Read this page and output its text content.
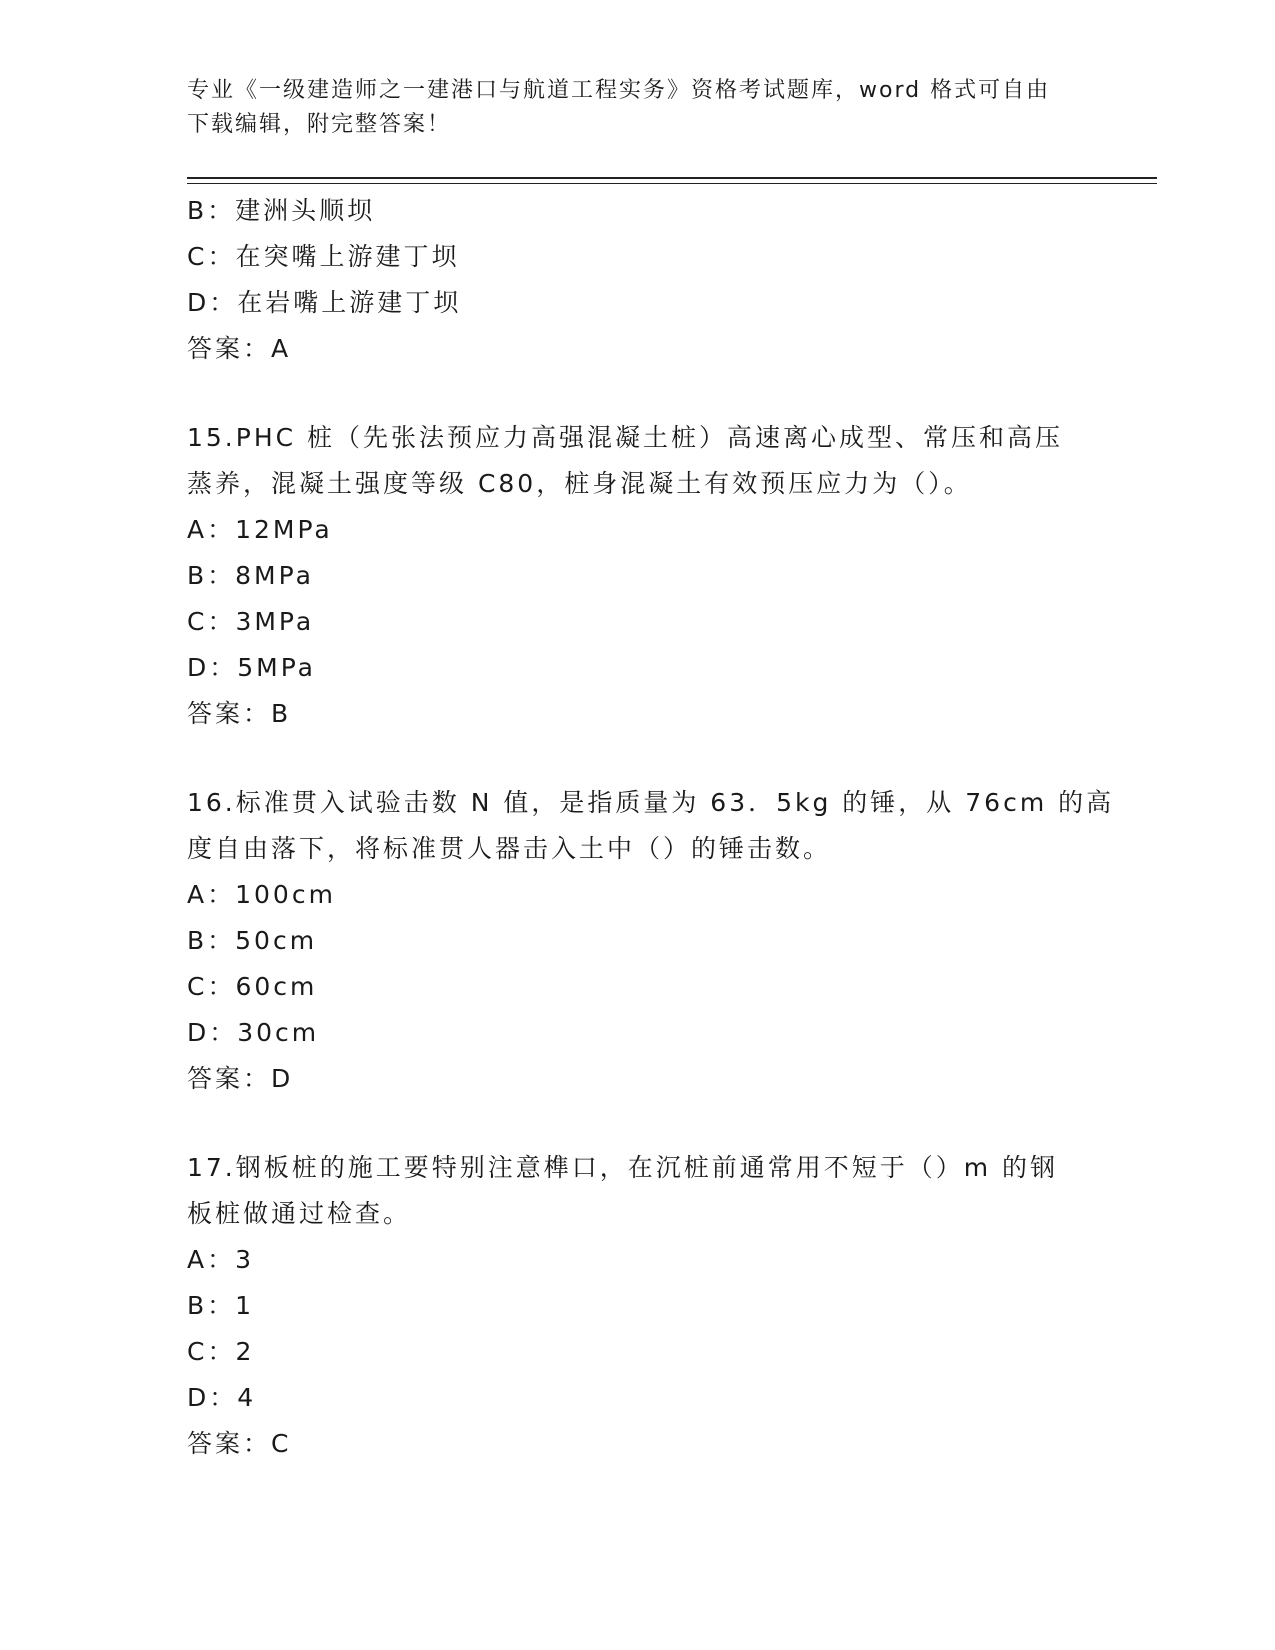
专业《一级建造师之一建港口与航道工程实务》资格考试题库，word 格式可自由下载编辑，附完整答案！
B：建洲头顺坝
C：在突嘴上游建丁坝
D：在岩嘴上游建丁坝
答案：A
15.PHC 桩（先张法预应力高强混凝土桩）高速离心成型、常压和高压
蒸养，混凝土强度等级 C80，桩身混凝土有效预压应力为（）。
A：12MPa
B：8MPa
C：3MPa
D：5MPa
答案：B
16.标准贯入试验击数 N 值，是指质量为 63．5kg 的锤，从 76cm 的高
度自由落下，将标准贯人器击入土中（）的锤击数。
A：100cm
B：50cm
C：60cm
D：30cm
答案：D
17.钢板桩的施工要特别注意榫口，在沉桩前通常用不短于（）m 的钢
板桩做通过检查。
A：3
B：1
C：2
D：4
答案：C
